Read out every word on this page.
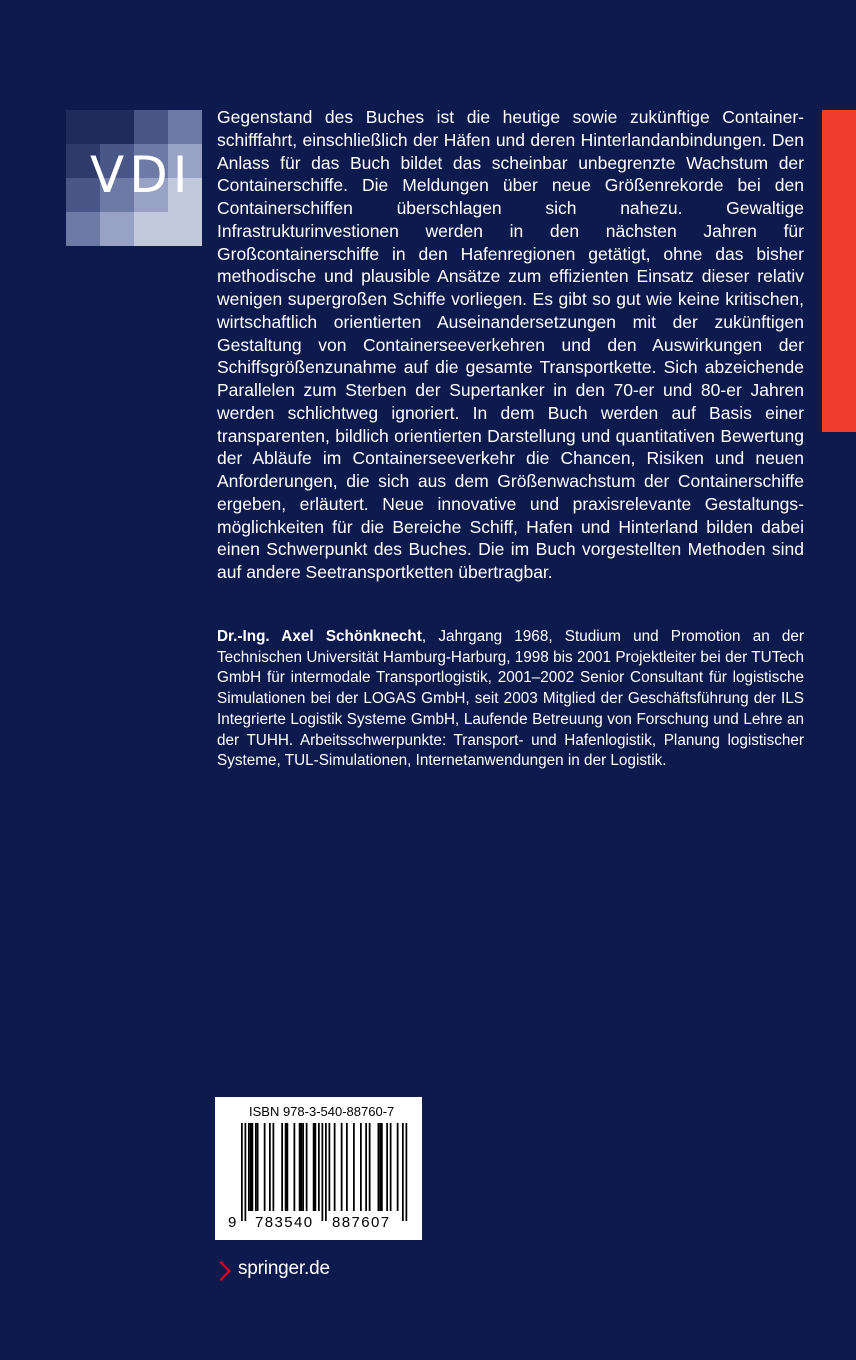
VDI

Gegenstand des Buches ist die heutige sowie zukünftige Containerschifffahrt, einschließlich der Häfen und deren Hinterlandanbindungen. Den Anlass für das Buch bildet das scheinbar unbegrenzte Wachstum der Containerschiffe. Die Meldungen über neue Größenrekorde bei den Containerschiffen überschlagen sich nahezu. Gewaltige Infrastrukturinvestionen werden in den nächsten Jahren für Großcontainerschiffe in den Hafenregionen getätigt, ohne das bisher methodische und plausible Ansätze zum effizienten Einsatz dieser relativ wenigen supergroßen Schiffe vorliegen. Es gibt so gut wie keine kritischen, wirtschaftlich orientierten Auseinandersetzungen mit der zukünftigen Gestaltung von Containerseeverkehren und den Auswirkungen der Schiffsgrößenzunahme auf die gesamte Transportkette. Sich abzeichende Parallelen zum Sterben der Supertanker in den 70-er und 80-er Jahren werden schlichtweg ignoriert. In dem Buch werden auf Basis einer transparenten, bildlich orientierten Darstellung und quantitativen Bewertung der Abläufe im Containerseeverkehr die Chancen, Risiken und neuen Anforderungen, die sich aus dem Größenwachstum der Containerschiffe ergeben, erläutert. Neue innovative und praxisrelevante Gestaltungsmöglichkeiten für die Bereiche Schiff, Hafen und Hinterland bilden dabei einen Schwerpunkt des Buches. Die im Buch vorgestellten Methoden sind auf andere Seetransportketten übertragbar.

Dr.-Ing. Axel Schönknecht, Jahrgang 1968, Studium und Promotion an der Technischen Universität Hamburg-Harburg, 1998 bis 2001 Projektleiter bei der TUTech GmbH für intermodale Transportlogistik, 2001–2002 Senior Consultant für logistische Simulationen bei der LOGAS GmbH, seit 2003 Mitglied der Geschäftsführung der ILS Integrierte Logistik Systeme GmbH, Laufende Betreuung von Forschung und Lehre an der TUHH. Arbeitsschwerpunkte: Transport- und Hafenlogistik, Planung logistischer Systeme, TUL-Simulationen, Internetanwendungen in der Logistik.

ISBN 978-3-540-88760-7
9 783540 887607
springer.de
